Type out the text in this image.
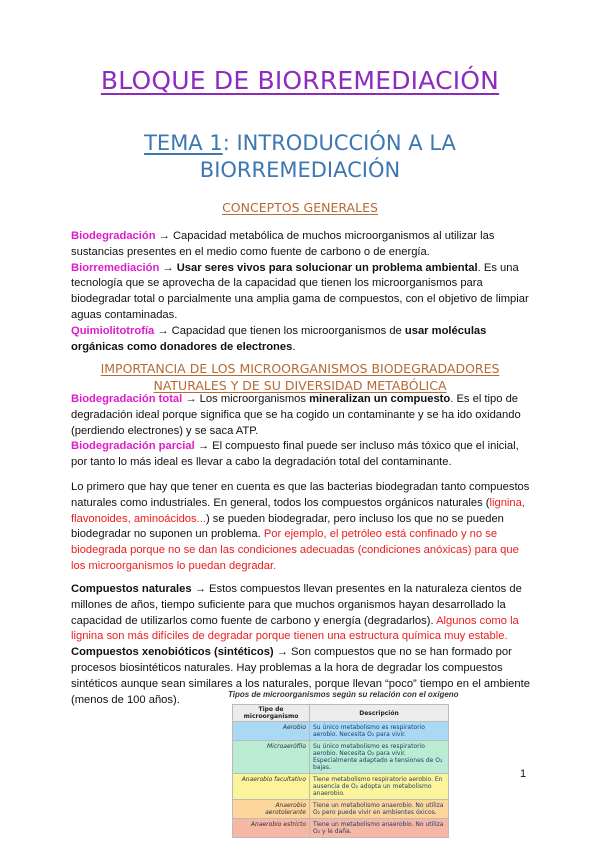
BLOQUE DE BIORREMEDIACIÓN
TEMA 1: INTRODUCCIÓN A LA
BIORREMEDIACIÓN
CONCEPTOS GENERALES
Biodegradación → Capacidad metabólica de muchos microorganismos al utilizar las sustancias presentes en el medio como fuente de carbono o de energía.
Biorremediación → Usar seres vivos para solucionar un problema ambiental. Es una tecnología que se aprovecha de la capacidad que tienen los microorganismos para biodegradar total o parcialmente una amplia gama de compuestos, con el objetivo de limpiar aguas contaminadas.
Quimiolitotrofía → Capacidad que tienen los microorganismos de usar moléculas orgánicas como donadores de electrones.
IMPORTANCIA DE LOS MICROORGANISMOS BIODEGRADADORES
NATURALES Y DE SU DIVERSIDAD METABÓLICA
Biodegradación total → Los microorganismos mineralizan un compuesto. Es el tipo de degradación ideal porque significa que se ha cogido un contaminante y se ha ido oxidando (perdiendo electrones) y se saca ATP.
Biodegradación parcial → El compuesto final puede ser incluso más tóxico que el inicial, por tanto lo más ideal es llevar a cabo la degradación total del contaminante.
Lo primero que hay que tener en cuenta es que las bacterias biodegradan tanto compuestos naturales como industriales. En general, todos los compuestos orgánicos naturales (lignina, flavonoides, aminoácidos...) se pueden biodegradar, pero incluso los que no se pueden biodegradar no suponen un problema. Por ejemplo, el petróleo está confinado y no se biodegrada porque no se dan las condiciones adecuadas (condiciones anóxicas) para que los microorganismos lo puedan degradar.
Compuestos naturales → Estos compuestos llevan presentes en la naturaleza cientos de millones de años, tiempo suficiente para que muchos organismos hayan desarrollado la capacidad de utilizarlos como fuente de carbono y energía (degradarlos). Algunos como la lignina son más difíciles de degradar porque tienen una estructura química muy estable.
Compuestos xenobióticos (sintéticos) → Son compuestos que no se han formado por procesos biosintéticos naturales. Hay problemas a la hora de degradar los compuestos sintéticos aunque sean similares a los naturales, porque llevan “poco” tiempo en el ambiente (menos de 100 años).	Tipos de microorganismos según su relación con el oxígeno
Tipo de microorganismo	Descripción
Aerobio	Su único metabolismo es respiratorio aerobio. Necesita O₂ para vivir.
Microaerófilo	Su único metabolismo es respiratorio aerobio. Necesita O₂ para vivir. Especialmente adaptado a tensiones de O₂ bajas.
Anaerobio facultativo	Tiene metabolismo respiratorio aerobio. En ausencia de O₂ adopta un metabolismo anaerobio.
Anaerobio aerotolerante	Tiene un metabolismo anaerobio. No utiliza O₂ pero puede vivir en ambientes óxicos.
Anaerobio estricto	Tiene un metabolismo anaerobio. No utiliza O₂ y le daña.
1
